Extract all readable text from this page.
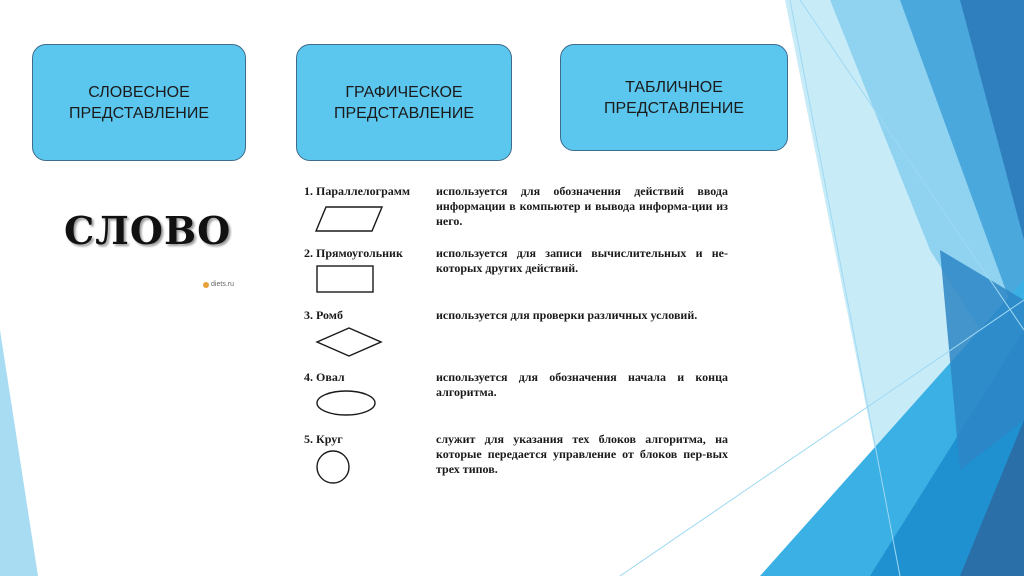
СЛОВЕСНОЕ
ПРЕДСТАВЛЕНИЕ
ГРАФИЧЕСКОЕ
ПРЕДСТАВЛЕНИЕ
ТАБЛИЧНОЕ
ПРЕДСТАВЛЕНИЕ
СЛОВО
diets.ru
1. Параллелограмм используется для обозначения действий ввода информации в компьютер и вывода информа-ции из него.
2. Прямоугольник	используется для записи вычислительных и не-которых других действий.
3. Ромб	используется для проверки различных условий.
4. Овал	используется для обозначения начала и конца алгоритма.
5. Круг	служит для указания тех блоков алгоритма, на которые передается управление от блоков пер-вых трех типов.
